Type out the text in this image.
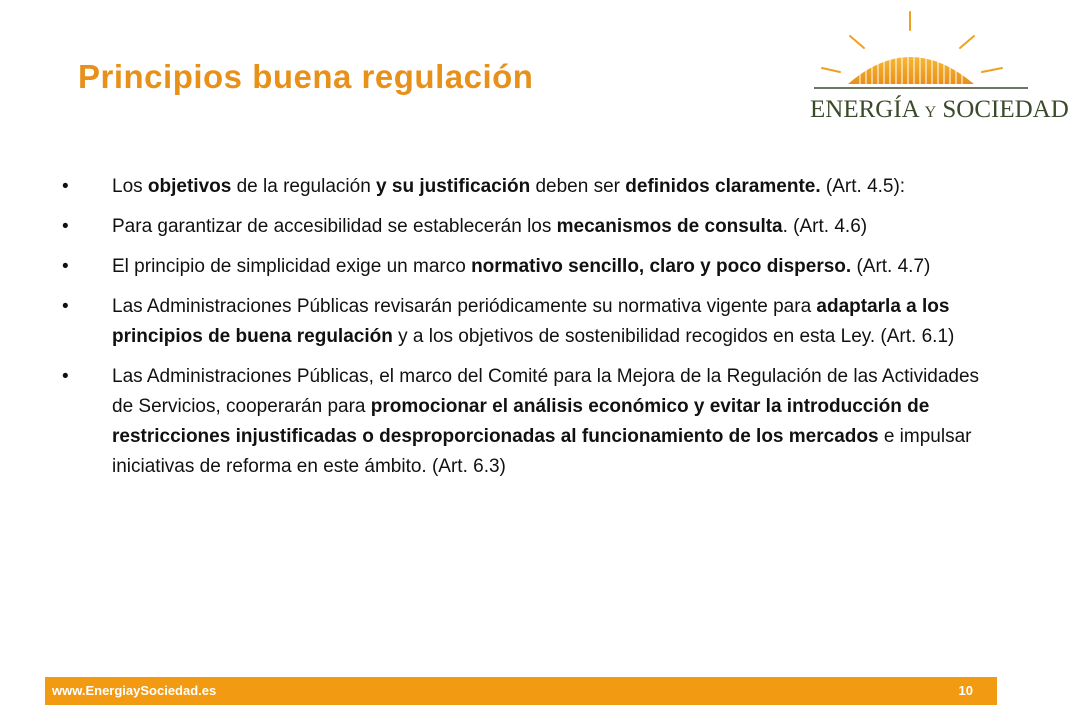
Principios buena regulación
ENERGÍA Y SOCIEDAD
• Los objetivos de la regulación y su justificación deben ser definidos claramente. (Art. 4.5):
• Para garantizar de accesibilidad se establecerán los mecanismos de consulta. (Art. 4.6)
• El principio de simplicidad exige un marco normativo sencillo, claro y poco disperso. (Art. 4.7)
• Las Administraciones Públicas revisarán periódicamente su normativa vigente para adaptarla a los principios de buena regulación y a los objetivos de sostenibilidad recogidos en esta Ley. (Art. 6.1)
• Las Administraciones Públicas, el marco del Comité para la Mejora de la Regulación de las Actividades de Servicios, cooperarán para promocionar el análisis económico y evitar la introducción de restricciones injustificadas o desproporcionadas al funcionamiento de los mercados e impulsar iniciativas de reforma en este ámbito. (Art. 6.3)
www.EnergiaySociedad.es	10
